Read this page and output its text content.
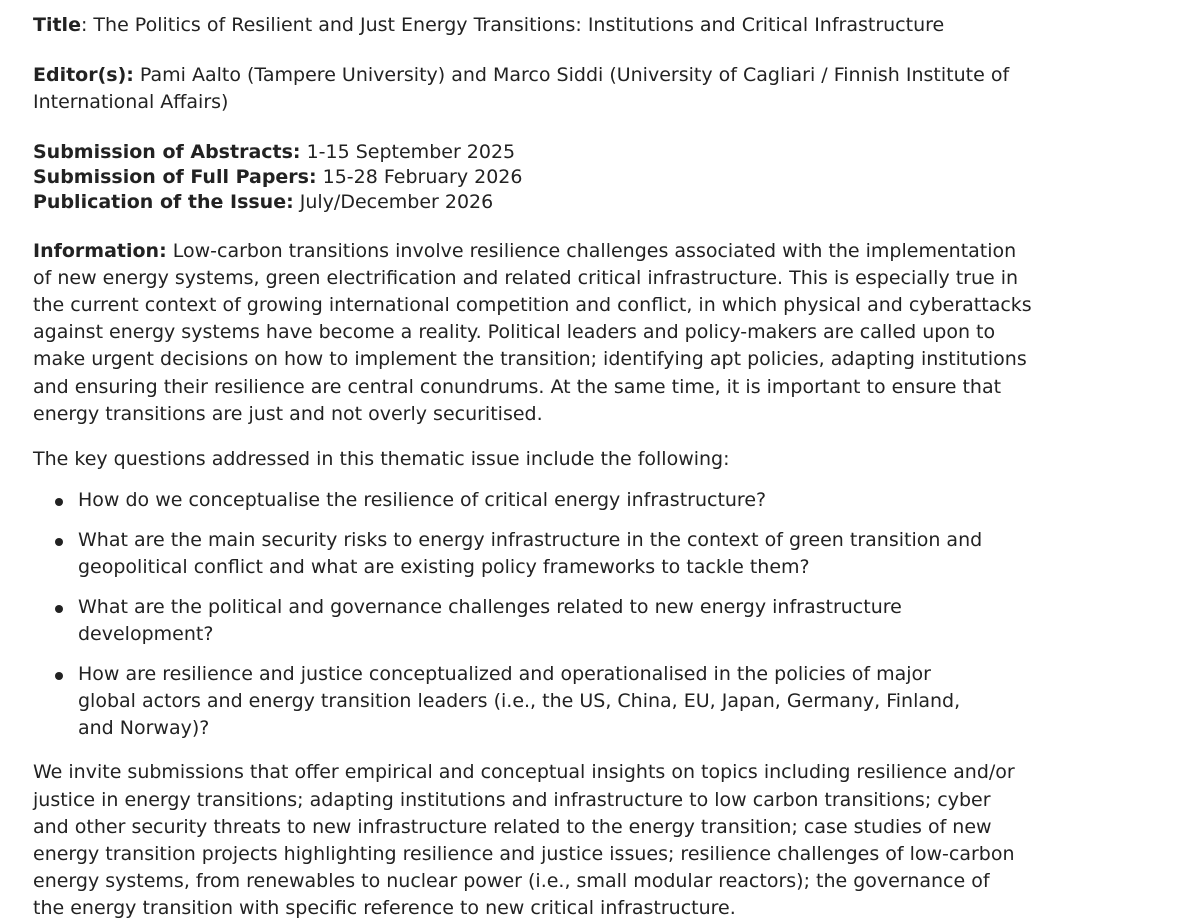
Title: The Politics of Resilient and Just Energy Transitions: Institutions and Critical Infrastructure

Editor(s): Pami Aalto (Tampere University) and Marco Siddi (University of Cagliari / Finnish Institute of International Affairs)

Submission of Abstracts: 1-15 September 2025
Submission of Full Papers: 15-28 February 2026
Publication of the Issue: July/December 2026

Information: Low-carbon transitions involve resilience challenges associated with the implementation of new energy systems, green electrification and related critical infrastructure. This is especially true in the current context of growing international competition and conflict, in which physical and cyberattacks against energy systems have become a reality. Political leaders and policy-makers are called upon to make urgent decisions on how to implement the transition; identifying apt policies, adapting institutions and ensuring their resilience are central conundrums. At the same time, it is important to ensure that energy transitions are just and not overly securitised.

The key questions addressed in this thematic issue include the following:

How do we conceptualise the resilience of critical energy infrastructure?
What are the main security risks to energy infrastructure in the context of green transition and geopolitical conflict and what are existing policy frameworks to tackle them?
What are the political and governance challenges related to new energy infrastructure development?
How are resilience and justice conceptualized and operationalised in the policies of major global actors and energy transition leaders (i.e., the US, China, EU, Japan, Germany, Finland, and Norway)?

We invite submissions that offer empirical and conceptual insights on topics including resilience and/or justice in energy transitions; adapting institutions and infrastructure to low carbon transitions; cyber and other security threats to new infrastructure related to the energy transition; case studies of new energy transition projects highlighting resilience and justice issues; resilience challenges of low-carbon energy systems, from renewables to nuclear power (i.e., small modular reactors); the governance of the energy transition with specific reference to new critical infrastructure.
